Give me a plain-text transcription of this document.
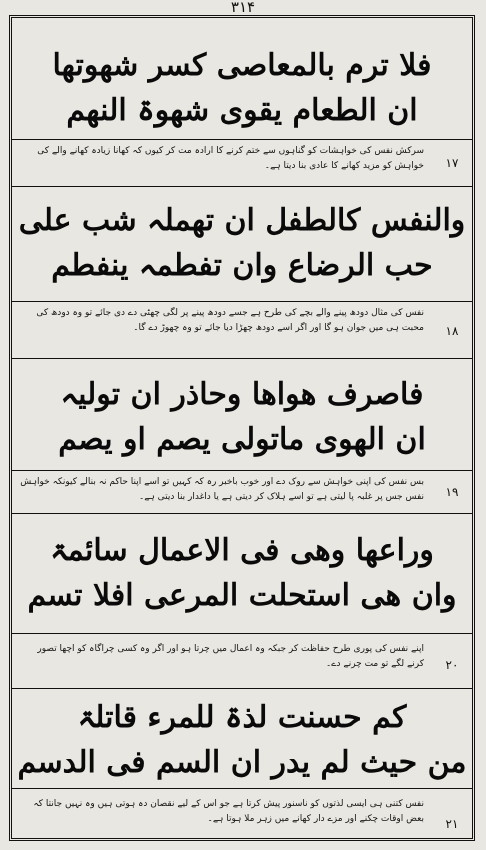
۳۱۴
فلا ترم بالمعاصی کسر شھوتھا
ان الطعام یقوی شھوۃ النھم
سرکش نفس کی خواہشات کو گناہوں سے ختم کرنے کا ارادہ مت کر کیوں کہ کھانا زیادہ کھانے والے کی خواہش کو مزید کھانے کا عادی بنا دیتا ہے۔	۱۷
والنفس کالطفل ان تھملہ شب علی
حب الرضاع وان تفطمہ ینفطم
نفس کی مثال دودھ پینے والے بچے کی طرح ہے جسے دودھ پینے پر لگی چھٹی دے دی جائے تو وہ دودھ کی محبت ہی میں جوان ہو گا اور اگر اسے دودھ چھڑا دیا جائے تو وہ چھوڑ دے گا۔	۱۸
فاصرف ھواھا وحاذر ان تولیہ
ان الھوی ماتولی یصم او یصم
بس نفس کی اپنی خواہش سے روک دے اور خوب باخبر رہ کہ کہیں تو اسے اپنا حاکم نہ بنالے کیونکہ خواہش نفس جس پر غلبہ پا لیتی ہے تو اسے ہلاک کر دیتی ہے یا داغدار بنا دیتی ہے۔	۱۹
وراعھا وھی فی الاعمال سائمۃ
وان ھی استحلت المرعی افلا تسم
اپنے نفس کی پوری طرح حفاظت کر جبکہ وہ اعمال میں چرتا ہو اور اگر وہ کسی چراگاہ کو اچھا تصور کرنے لگے تو مت چرنے دے۔	۲۰
کم حسنت لذۃ للمرء قاتلۃ
من حیث لم یدر ان السم فی الدسم
نفس کتنی ہی ایسی لذتوں کو ناسنور پیش کرتا ہے جو اس کے لیے نقصان دہ ہوتی ہیں وہ نہیں جانتا کہ بعض اوقات چکنے اور مزے دار کھانے میں زہر ملا ہوتا ہے۔	۲۱
